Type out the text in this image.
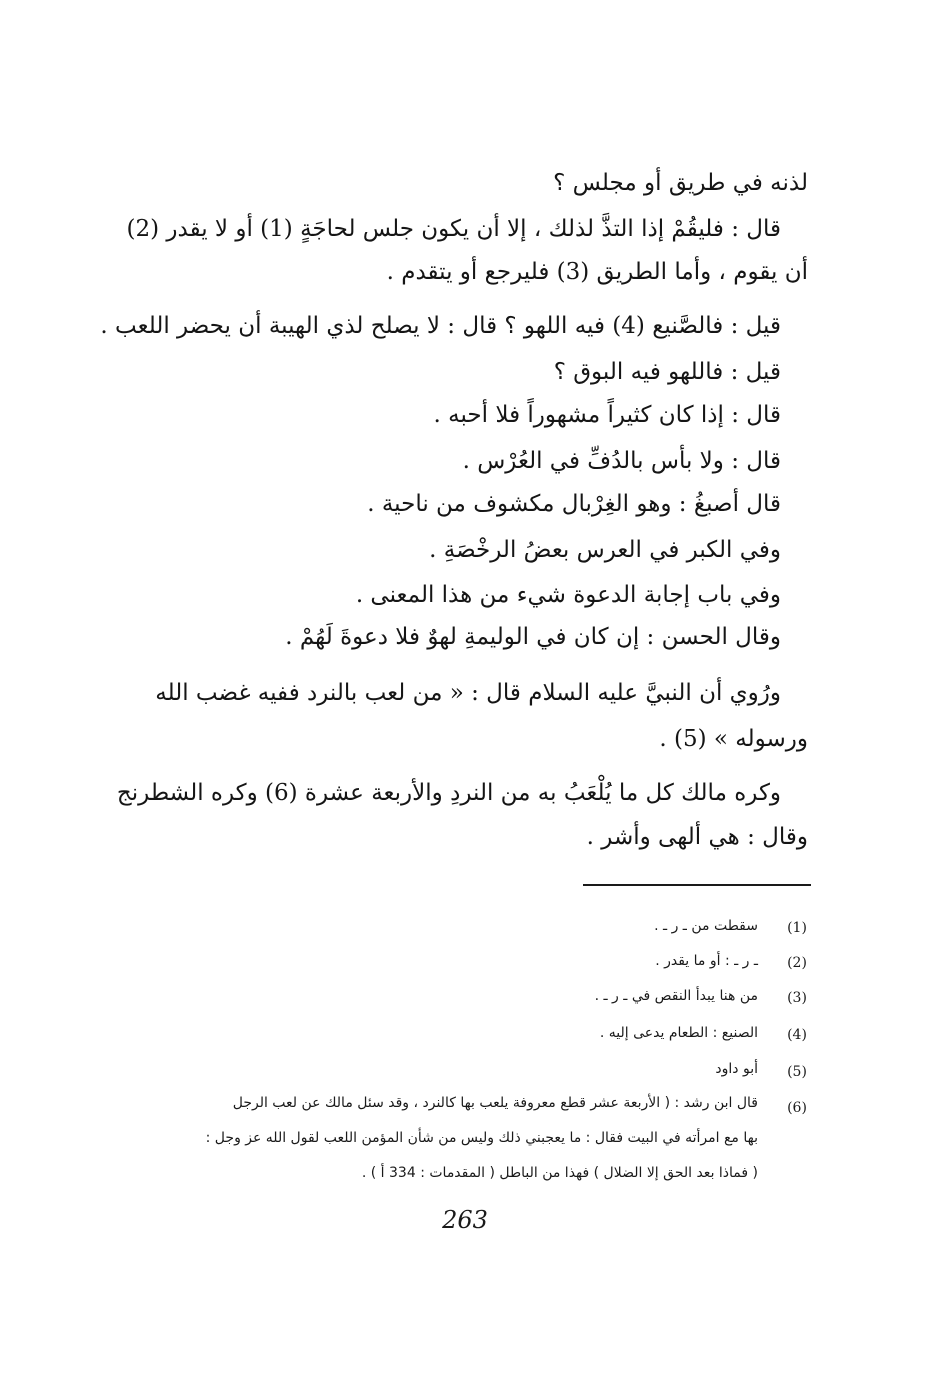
لذنه في طريق أو مجلس ؟
قال : فليقُمْ إذا التذَّ لذلك ، إلا أن يكون جلس لحاجَةٍ (1) أو لا يقدر (2)
أن يقوم ، وأما الطريق (3) فليرجع أو يتقدم .
قيل : فالصَّنيع (4) فيه اللهو ؟ قال : لا يصلح لذي الهيبة أن يحضر اللعب .
قيل : فاللهو فيه البوق ؟
قال : إذا كان كثيراً مشهوراً فلا أحبه .
قال : ولا بأس بالدُفِّ في العُرْس .
قال أصبغُ : وهو الغِرْبال مكشوف من ناحية .
وفي الكبر في العرس بعضُ الرخْصَةِ .
وفي باب إجابة الدعوة شيء من هذا المعنى .
وقال الحسن : إن كان في الوليمةِ لهوٌ فلا دعوةَ لَهُمْ .
ورُوي أن النبيَّ عليه السلام قال : « من لعب بالنرد ففيه غضب الله
ورسوله » (5) .
وكره مالك كل ما يُلْعَبُ به من النردِ والأربعة عشرة (6) وكره الشطرنج
وقال : هي ألهى وأشر .
(1)
سقطت من ـ ر ـ .
(2)
ـ ر ـ : أو ما يقدر .
(3)
من هنا يبدأ النقص في ـ ر ـ .
(4)
الصنيع : الطعام يدعى إليه .
(5)
أبو داود
(6)
قال ابن رشد : ( الأربعة عشر قطع معروفة يلعب بها كالنرد ، وقد سئل مالك عن لعب الرجل
بها مع امرأته في البيت فقال : ما يعجبني ذلك وليس من شأن المؤمن اللعب لقول الله عز وجل :
( فماذا بعد الحق إلا الضلال ) فهذا من الباطل ( المقدمات : 334 أ ) .
263
